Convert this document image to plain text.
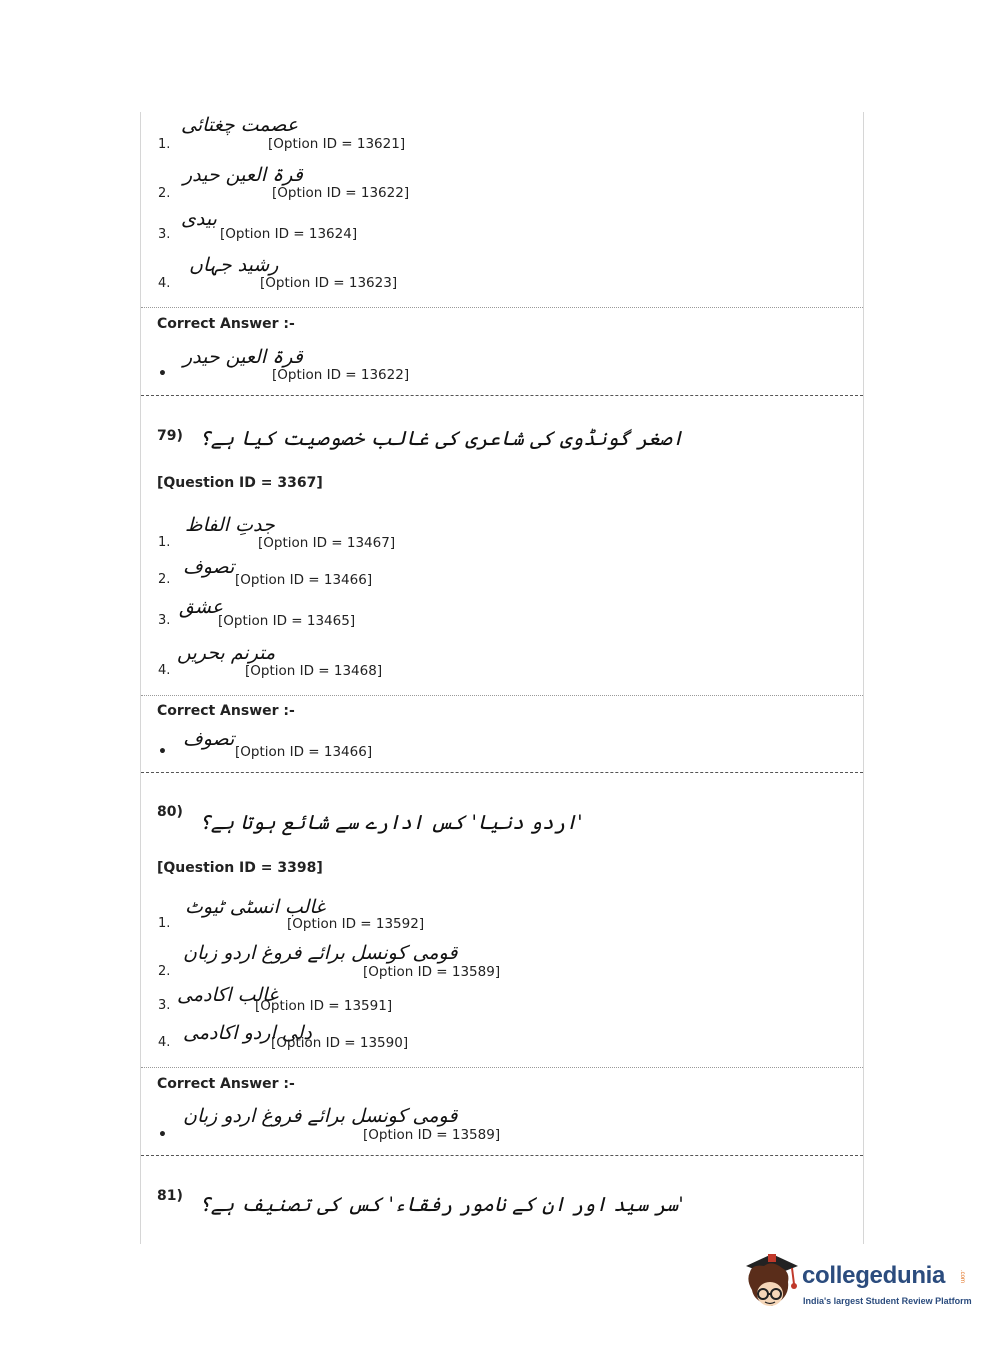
1.
عصمت چغتائی
[Option ID = 13621]
2.
قرۃ العین حیدر
[Option ID = 13622]
3.
بیدی
[Option ID = 13624]
4.
رشید جہاں
[Option ID = 13623]
Correct Answer :-
•
قرۃ العین حیدر
[Option ID = 13622]
79) اصغر گونڈوی کی شاعری کی غالب خصوصیت کیا ہے؟
[Question ID = 3367]
1.
جدتِ الفاظ
[Option ID = 13467]
2.
تصوف
[Option ID = 13466]
3.
عشق
[Option ID = 13465]
4.
مترنم بحریں
[Option ID = 13468]
Correct Answer :-
•
تصوف
[Option ID = 13466]
80) 'اردو دنیا' کس ادارے سے شائع ہوتا ہے؟
[Question ID = 3398]
1.
غالب انسٹی ٹیوٹ
[Option ID = 13592]
2.
قومی کونسل برائے فروغ اردو زبان
[Option ID = 13589]
3. غالب اکادمی
[Option ID = 13591]
4. دلی اردو اکادمی
[Option ID = 13590]
Correct Answer :-
•
قومی کونسل برائے فروغ اردو زبان
[Option ID = 13589]
81) 'سر سید اور ان کے نامور رفقاء' کس کی تصنیف ہے؟
collegedunia .com
India's largest Student Review Platform
